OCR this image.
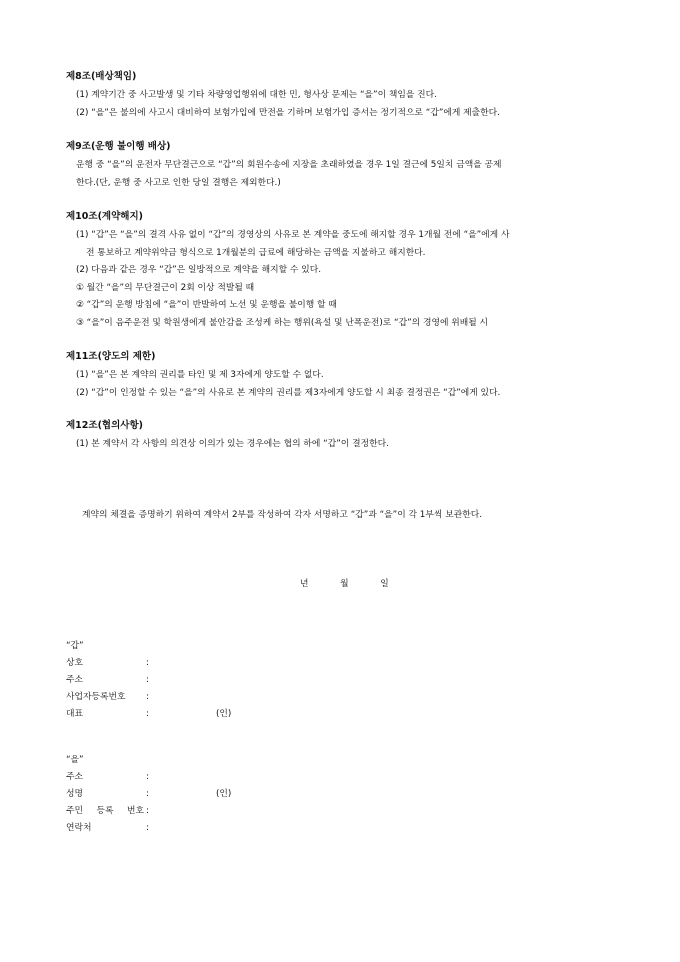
제8조(배상책임)
(1) 계약기간 중 사고발생 및 기타 차량영업행위에 대한 민, 형사상 문제는 “을”이 책임을 진다.
(2) “을”은 불의에 사고시 대비하여 보험가입에 만전을 기하며 보험가입 증서는 정기적으로 “갑”에게 제출한다.
제9조(운행 불이행 배상)
운행 중 “을”의 운전자 무단결근으로 “갑”의 회원수송에 지장을 초래하였을 경우 1일 결근에 5일치 금액을 공제
한다.(단, 운행 중 사고로 인한 당일 결행은 제외한다.)
제10조(계약해지)
(1) “갑”은 “을”의 결격 사유 없이 “갑”의 경영상의 사유로 본 계약을 중도에 해지할 경우 1개월 전에 “을”에게 사
전 통보하고 계약위약금 형식으로 1개월분의 급료에 해당하는 금액을 지불하고 해지한다.
(2) 다음과 같은 경우 “갑”은 일방적으로 계약을 해지할 수 있다.
① 월간 “을”의 무단결근이 2회 이상 적발될 때
② “갑”의 운행 방침에 “을”이 반발하여 노선 및 운행을 불이행 할 때
③ “을”이 음주운전 및 학원생에게 불안감을 조성케 하는 행위(욕설 및 난폭운전)로 “갑”의 경영에 위배될 시
제11조(양도의 제한)
(1) “을”은 본 계약의 권리를 타인 및 제 3자에게 양도할 수 없다.
(2) “갑”이 인정할 수 있는 “을”의 사유로 본 계약의 권리를 제3자에게 양도할 시 최종 결정권은 “갑”에게 있다.
제12조(협의사항)
(1) 본 계약서 각 사항의 의견상 이의가 있는 경우에는 협의 하에 “갑”이 결정한다.
계약의 체결을 증명하기 위하여 계약서 2부를 작성하여 각자 서명하고 “갑”과 “을”이 각 1부씩 보관한다.
년	월	일
“갑”
상호	:
주소	:
사업자등록번호 :
대표	:	(인)
“을”
주소	:
성명	:	(인)
주민 등록 번호 :
연락처	:
